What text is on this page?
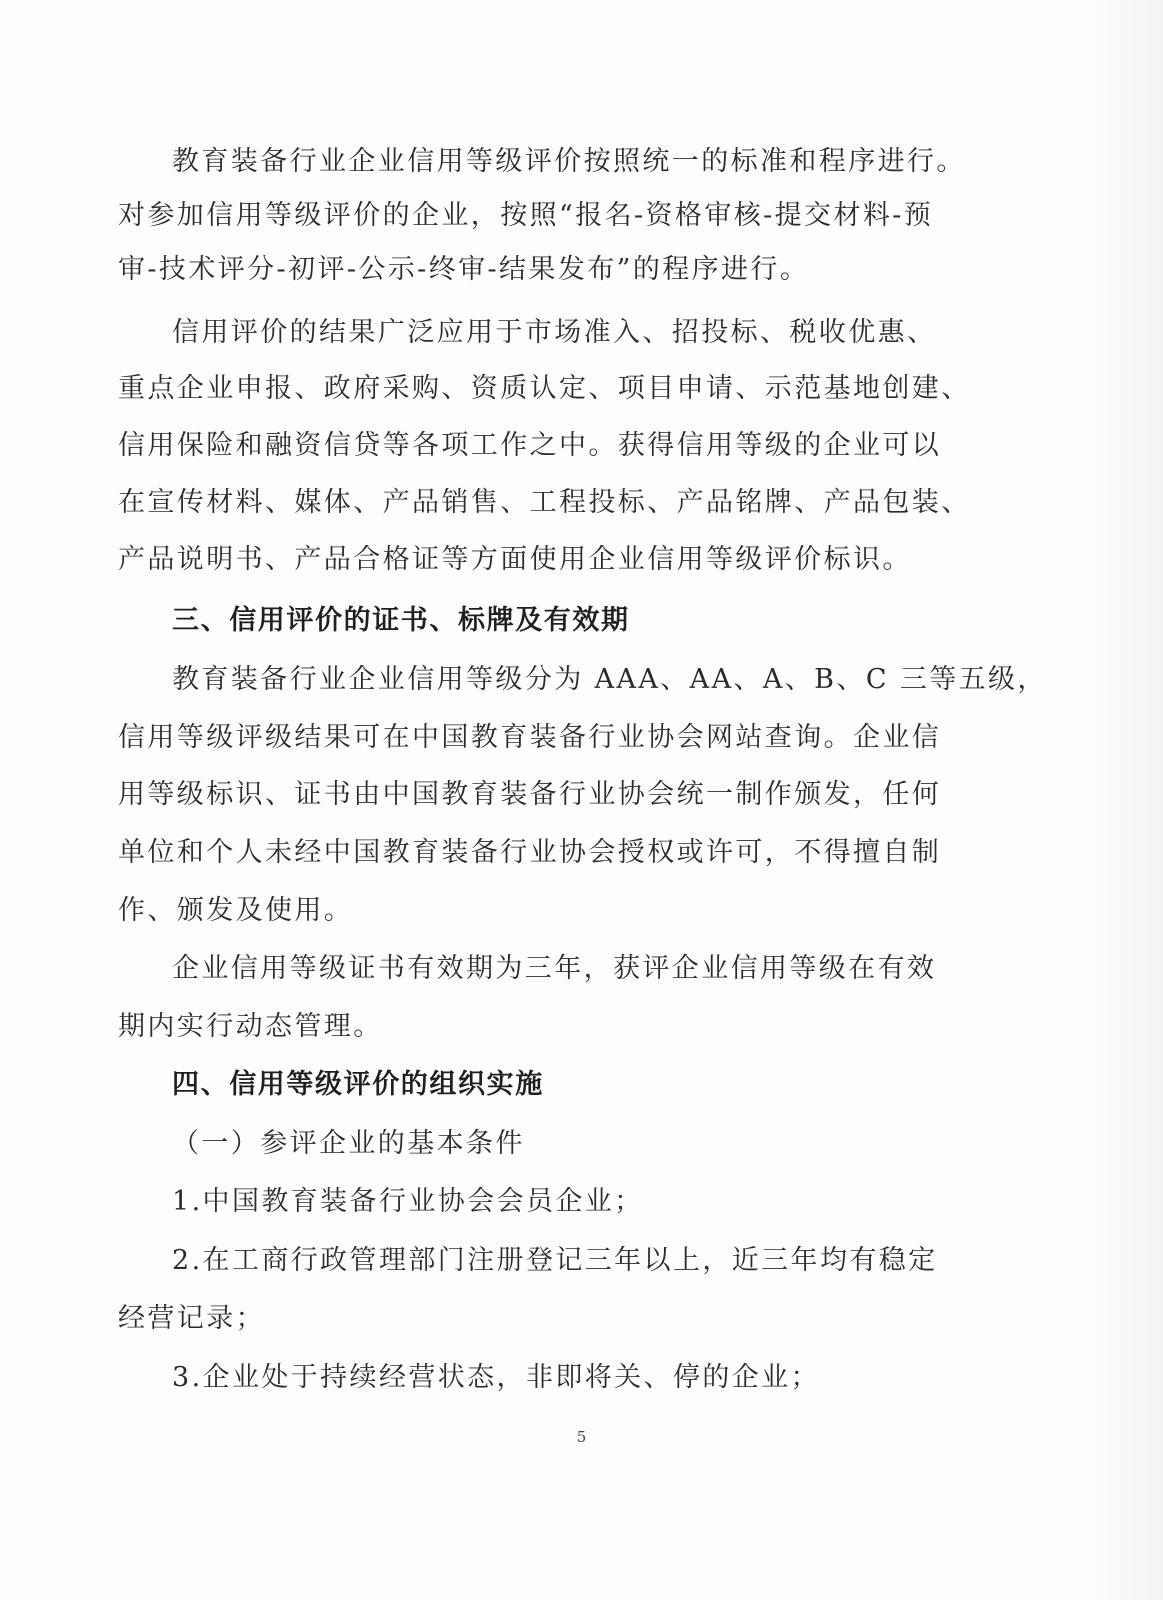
教育装备行业企业信用等级评价按照统一的标准和程序进行。
对参加信用等级评价的企业，按照“报名-资格审核-提交材料-预
审-技术评分-初评-公示-终审-结果发布”的程序进行。
信用评价的结果广泛应用于市场准入、招投标、税收优惠、
重点企业申报、政府采购、资质认定、项目申请、示范基地创建、
信用保险和融资信贷等各项工作之中。获得信用等级的企业可以
在宣传材料、媒体、产品销售、工程投标、产品铭牌、产品包装、
产品说明书、产品合格证等方面使用企业信用等级评价标识。
三、信用评价的证书、标牌及有效期
教育装备行业企业信用等级分为 AAA、AA、A、B、C 三等五级，
信用等级评级结果可在中国教育装备行业协会网站查询。企业信
用等级标识、证书由中国教育装备行业协会统一制作颁发，任何
单位和个人未经中国教育装备行业协会授权或许可，不得擅自制
作、颁发及使用。
企业信用等级证书有效期为三年，获评企业信用等级在有效
期内实行动态管理。
四、信用等级评价的组织实施
（一）参评企业的基本条件
1.中国教育装备行业协会会员企业；
2.在工商行政管理部门注册登记三年以上，近三年均有稳定
经营记录；
3.企业处于持续经营状态，非即将关、停的企业；
5
